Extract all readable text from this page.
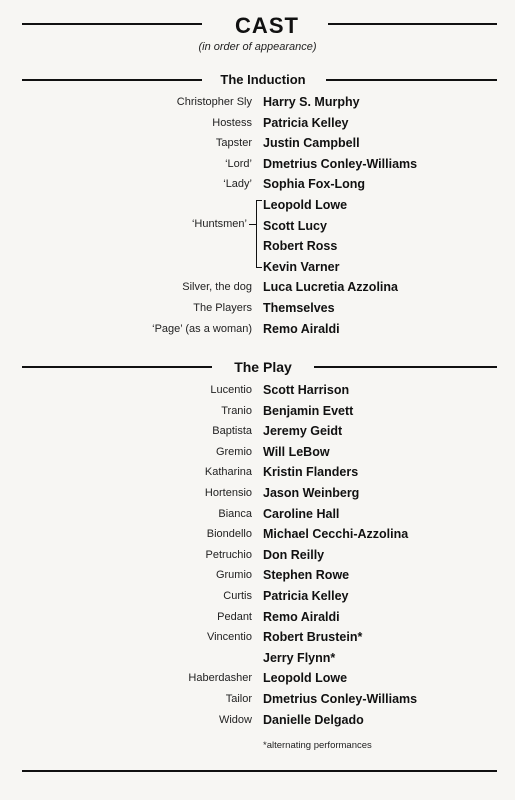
CAST
(in order of appearance)
The Induction
Christopher Sly Harry S. Murphy
Hostess Patricia Kelley
Tapster Justin Campbell
‘Lord’ Dmetrius Conley-Williams
‘Lady’ Sophia Fox-Long
Leopold Lowe
Scott Lucy
Robert Ross
Kevin Varner
Silver, the dog Luca Lucretia Azzolina
The Players Themselves
‘Page’ (as a woman) Remo Airaldi
‘Huntsmen’
The Play
Lucentio Scott Harrison
Tranio Benjamin Evett
Baptista Jeremy Geidt
Gremio Will LeBow
Katharina Kristin Flanders
Hortensio Jason Weinberg
Bianca Caroline Hall
Biondello Michael Cecchi-Azzolina
Petruchio Don Reilly
Grumio Stephen Rowe
Curtis Patricia Kelley
Pedant Remo Airaldi
Vincentio Robert Brustein*
Jerry Flynn*
Haberdasher Leopold Lowe
Tailor Dmetrius Conley-Williams
Widow Danielle Delgado
*alternating performances
